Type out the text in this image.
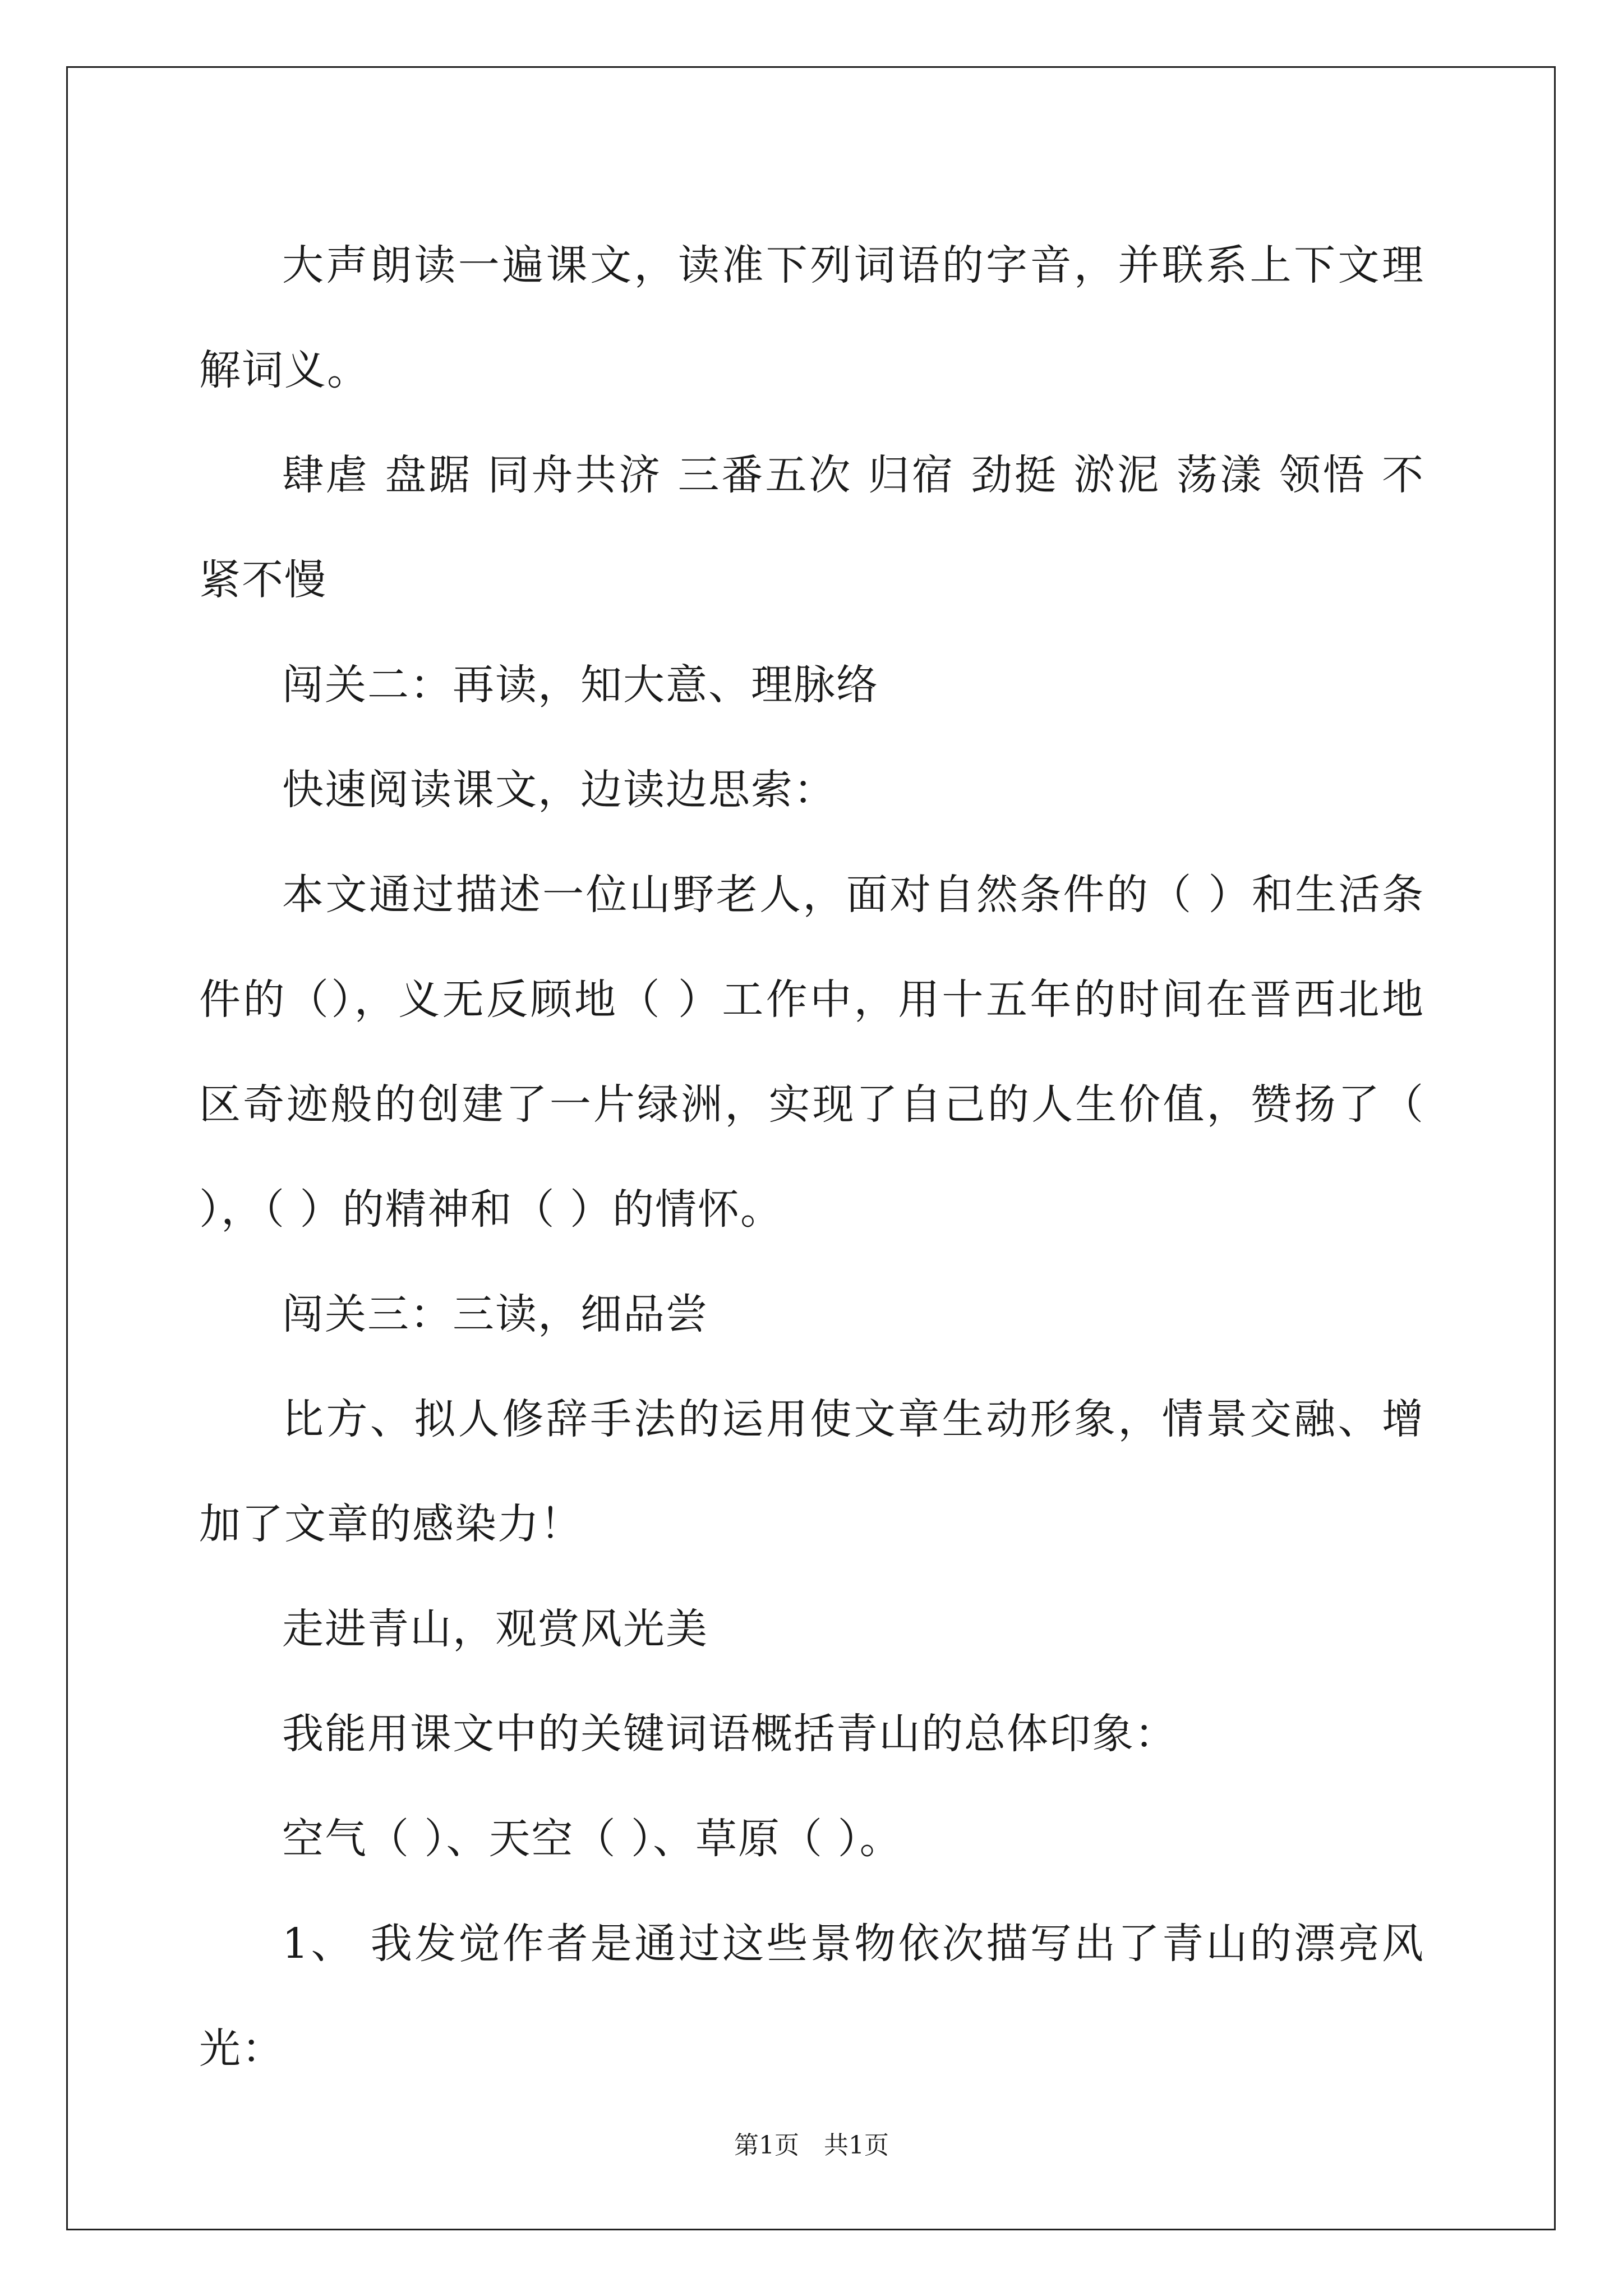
大声朗读一遍课文，读准下列词语的字音，并联系上下文理解词义。

肆虐 盘踞 同舟共济 三番五次 归宿 劲挺 淤泥 荡漾 领悟 不紧不慢

闯关二：再读，知大意、理脉络

快速阅读课文，边读边思索：

本文通过描述一位山野老人，面对自然条件的（ ）和生活条件的（），义无反顾地（ ）工作中，用十五年的时间在晋西北地区奇迹般的创建了一片绿洲，实现了自己的人生价值，赞扬了（ ），（ ）的精神和（ ）的情怀。

闯关三：三读，细品尝

比方、拟人修辞手法的运用使文章生动形象，情景交融、增加了文章的感染力！

走进青山，观赏风光美

我能用课文中的关键词语概括青山的总体印象：

空气（ ）、天空（ ）、草原（ ）。

1、 我发觉作者是通过这些景物依次描写出了青山的漂亮风光：

第1页　共1页
